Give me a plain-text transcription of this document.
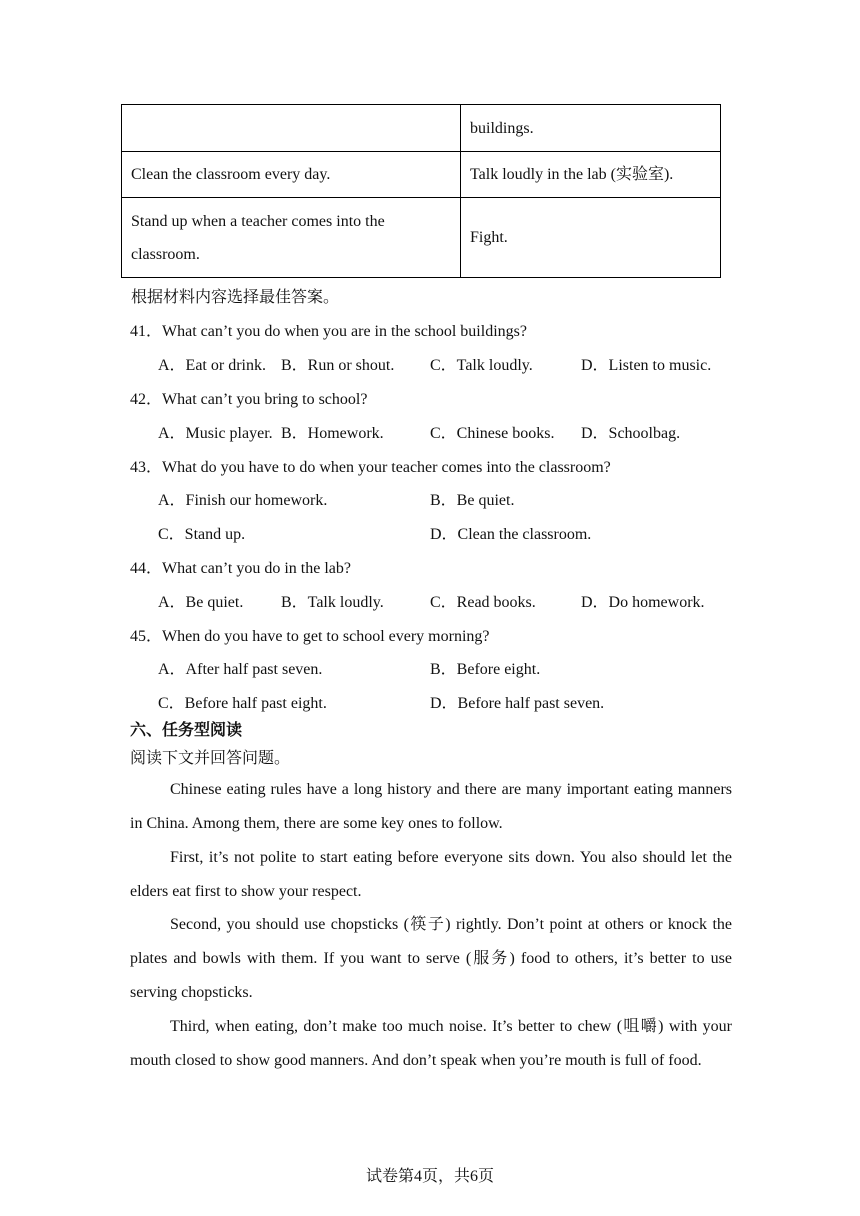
	buildings.
Clean the classroom every day.	Talk loudly in the lab (实验室).
Stand up when a teacher comes into the classroom.	Fight.
根据材料内容选择最佳答案。
41．What can’t you do when you are in the school buildings?
A．Eat or drink. B．Run or shout. C．Talk loudly.	D．Listen to music.
42．What can’t you bring to school?
A．Music player. B．Homework.	C．Chinese books. D．Schoolbag.
43．What do you have to do when your teacher comes into the classroom?
A．Finish our homework.	B．Be quiet.
C．Stand up.	D．Clean the classroom.
44．What can’t you do in the lab?
A．Be quiet. B．Talk loudly.	C．Read books.	D．Do homework.
45．When do you have to get to school every morning?
A．After half past seven.	B．Before eight.
C．Before half past eight.	D．Before half past seven.
六、任务型阅读
阅读下文并回答问题。

Chinese eating rules have a long history and there are many important eating manners in China. Among them, there are some key ones to follow.

First, it’s not polite to start eating before everyone sits down. You also should let the elders eat first to show your respect.

Second, you should use chopsticks (筷子) rightly. Don’t point at others or knock the plates and bowls with them. If you want to serve (服务) food to others, it’s better to use serving chopsticks.

Third, when eating, don’t make too much noise. It’s better to chew (咀嚼) with your mouth closed to show good manners. And don’t speak when you’re mouth is full of food.

试卷第4页，共6页
